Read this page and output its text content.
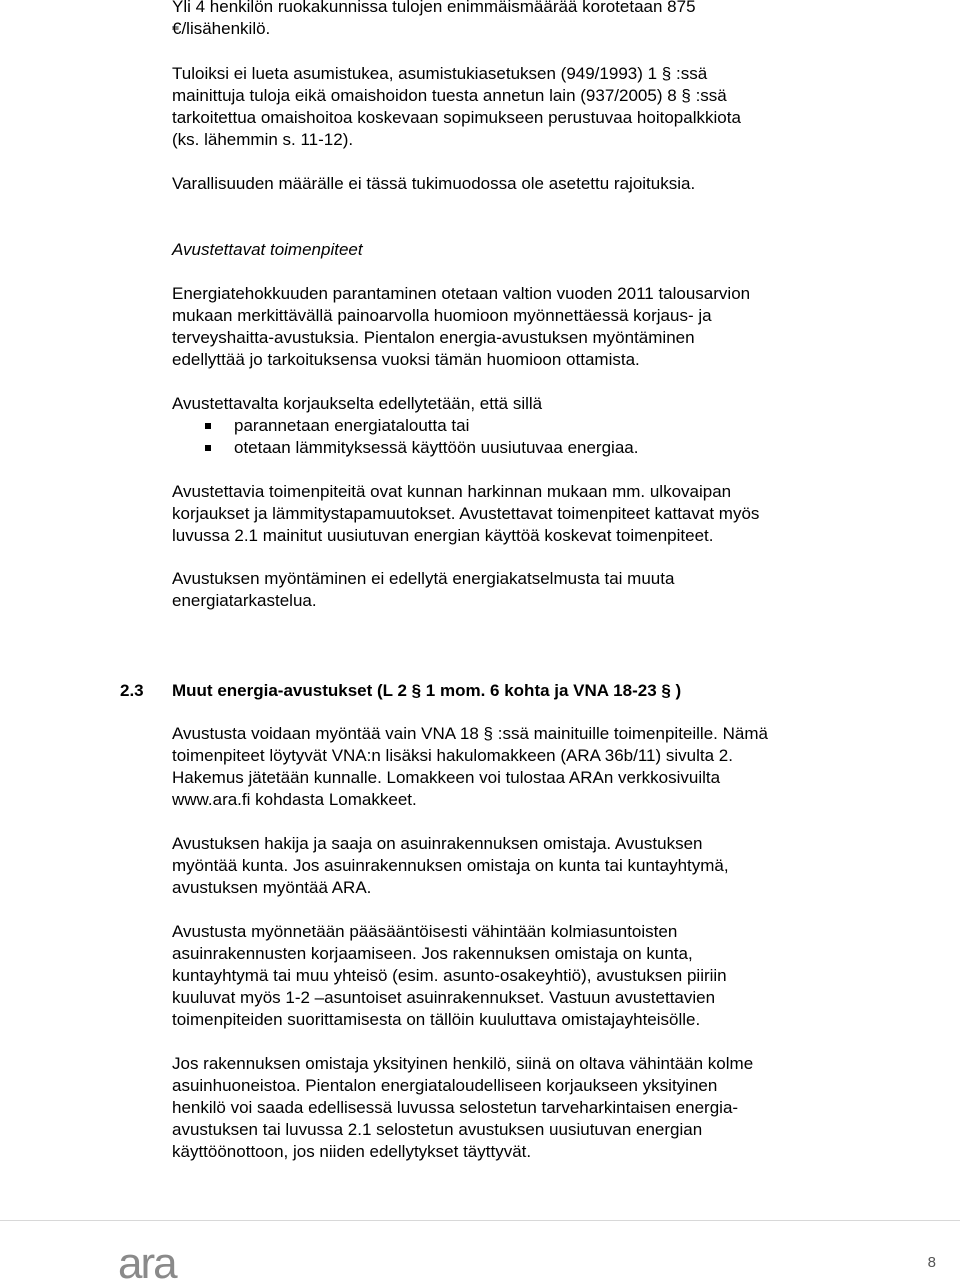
Yli 4 henkilön ruokakunnissa tulojen enimmäismäärää korotetaan 875
€/lisähenkilö.
Tuloiksi ei lueta asumistukea, asumistukiasetuksen (949/1993) 1 § :ssä
mainittuja tuloja eikä omaishoidon tuesta annetun lain (937/2005) 8 § :ssä
tarkoitettua omaishoitoa koskevaan sopimukseen perustuvaa hoitopalkkiota
(ks. lähemmin s. 11-12).
Varallisuuden määrälle ei tässä tukimuodossa ole asetettu rajoituksia.
Avustettavat toimenpiteet
Energiatehokkuuden parantaminen otetaan valtion vuoden 2011 talousarvion
mukaan merkittävällä painoarvolla huomioon myönnettäessä korjaus- ja
terveyshaitta-avustuksia. Pientalon energia-avustuksen myöntäminen
edellyttää jo tarkoituksensa vuoksi tämän huomioon ottamista.
Avustettavalta korjaukselta edellytetään, että sillä
parannetaan energiataloutta tai
otetaan lämmityksessä käyttöön uusiutuvaa energiaa.
Avustettavia toimenpiteitä ovat kunnan harkinnan mukaan mm. ulkovaipan
korjaukset ja lämmitystapamuutokset. Avustettavat toimenpiteet kattavat myös
luvussa 2.1 mainitut uusiutuvan energian käyttöä koskevat toimenpiteet.
Avustuksen myöntäminen ei edellytä energiakatselmusta tai muuta
energiatarkastelua.
2.3 Muut energia-avustukset (L 2 § 1 mom. 6 kohta ja VNA 18-23 § )
Avustusta voidaan myöntää vain VNA 18 § :ssä mainituille toimenpiteille. Nämä
toimenpiteet löytyvät VNA:n lisäksi hakulomakkeen (ARA 36b/11) sivulta 2.
Hakemus jätetään kunnalle. Lomakkeen voi tulostaa ARAn verkkosivuilta
www.ara.fi kohdasta Lomakkeet.
Avustuksen hakija ja saaja on asuinrakennuksen omistaja. Avustuksen
myöntää kunta. Jos asuinrakennuksen omistaja on kunta tai kuntayhtymä,
avustuksen myöntää ARA.
Avustusta myönnetään pääsääntöisesti vähintään kolmiasuntoisten
asuinrakennusten korjaamiseen. Jos rakennuksen omistaja on kunta,
kuntayhtymä tai muu yhteisö (esim. asunto-osakeyhtiö), avustuksen piiriin
kuuluvat myös 1-2 –asuntoiset asuinrakennukset. Vastuun avustettavien
toimenpiteiden suorittamisesta on tällöin kuuluttava omistajayhteisölle.
Jos rakennuksen omistaja yksityinen henkilö, siinä on oltava vähintään kolme
asuinhuoneistoa. Pientalon energiataloudelliseen korjaukseen yksityinen
henkilö voi saada edellisessä luvussa selostetun tarveharkintaisen energia-
avustuksen tai luvussa 2.1 selostetun avustuksen uusiutuvan energian
käyttöönottoon, jos niiden edellytykset täyttyvät.
ara	8
